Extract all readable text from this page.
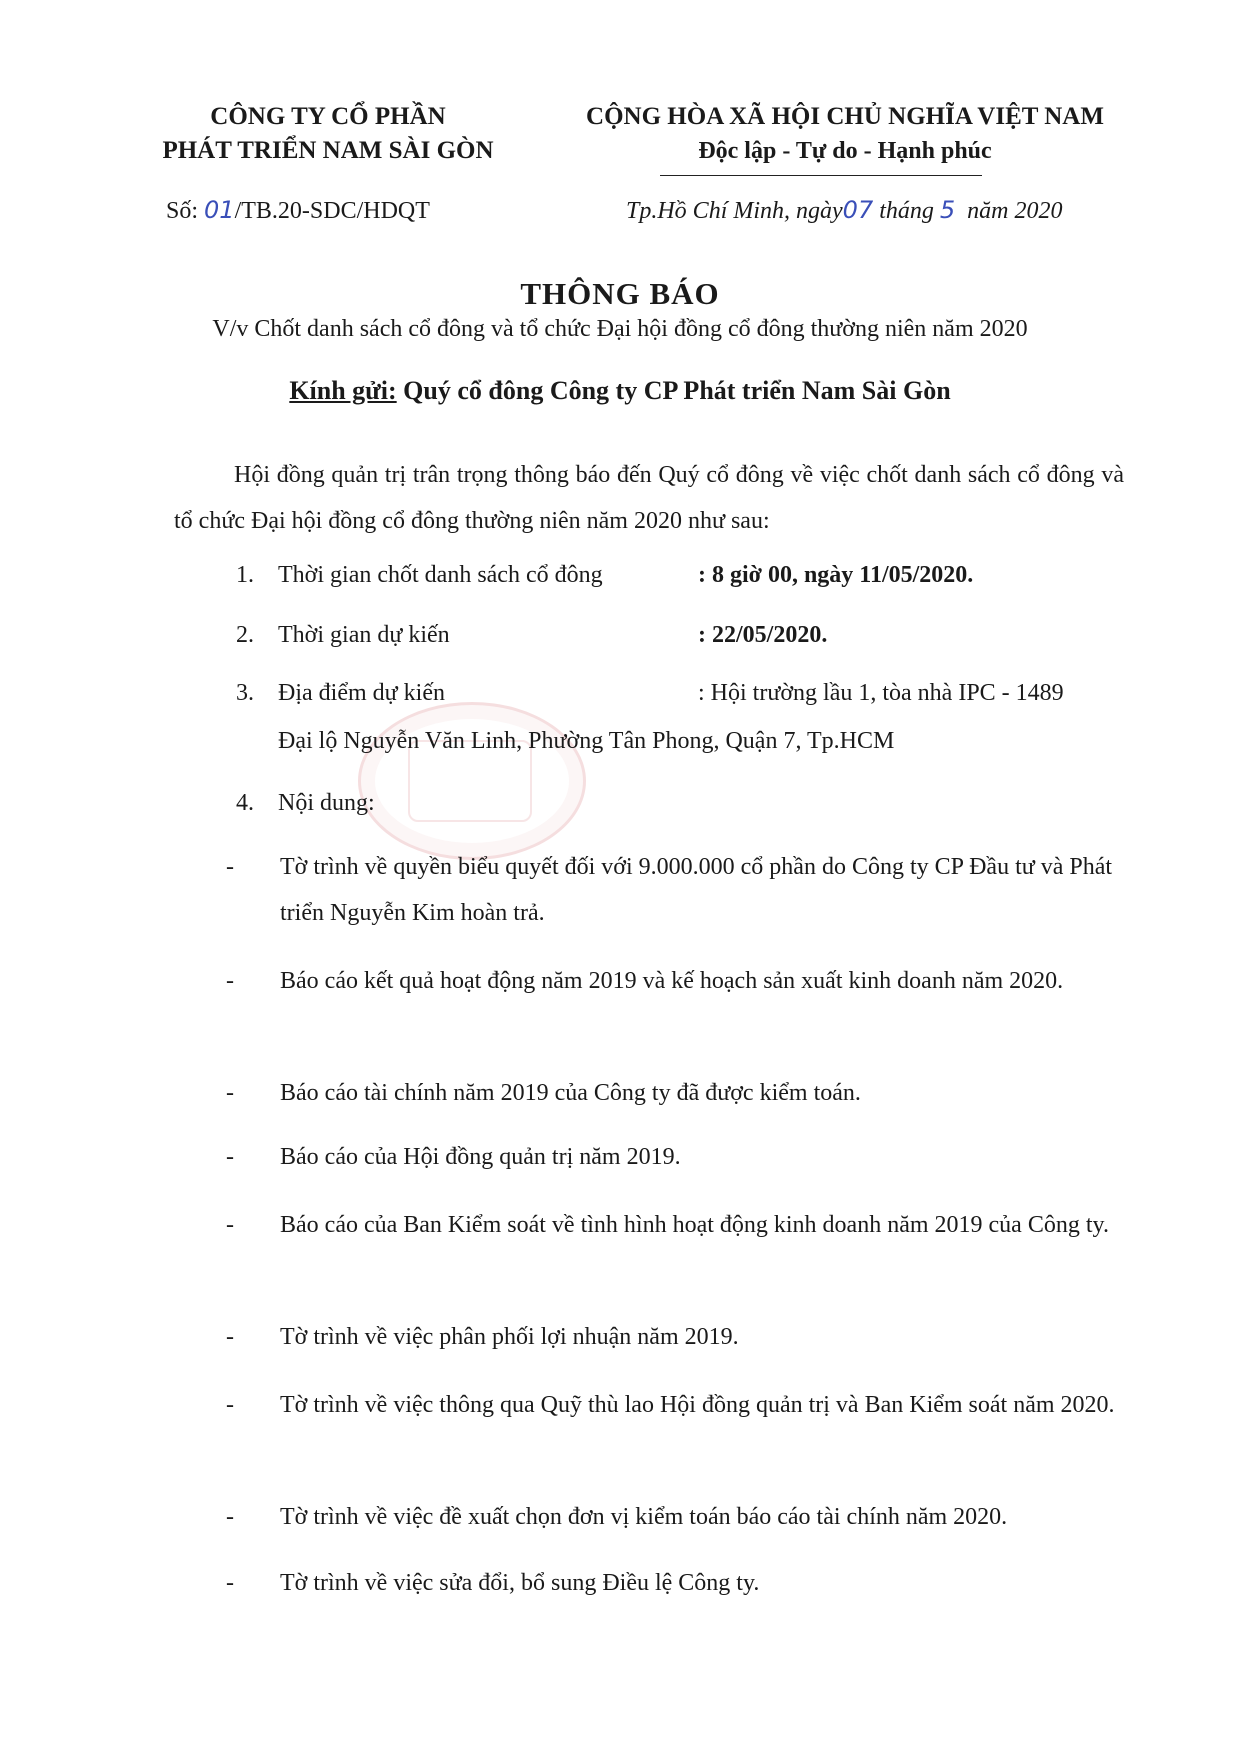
CÔNG TY CỔ PHẦN
PHÁT TRIỂN NAM SÀI GÒN
CỘNG HÒA XÃ HỘI CHỦ NGHĨA VIỆT NAM
Độc lập - Tự do - Hạnh phúc
Số: 01/TB.20-SDC/HDQT	Tp.Hồ Chí Minh, ngày07 tháng 5 năm 2020
THÔNG BÁO
V/v Chốt danh sách cổ đông và tổ chức Đại hội đồng cổ đông thường niên năm 2020
Kính gửi: Quý cổ đông Công ty CP Phát triển Nam Sài Gòn
Hội đồng quản trị trân trọng thông báo đến Quý cổ đông về việc chốt danh sách cổ đông và tổ chức Đại hội đồng cổ đông thường niên năm 2020 như sau:
1. Thời gian chốt danh sách cổ đông	: 8 giờ 00, ngày 11/05/2020.
2. Thời gian dự kiến	: 22/05/2020.
3. Địa điểm dự kiến	: Hội trường lầu 1, tòa nhà IPC - 1489
Đại lộ Nguyễn Văn Linh, Phường Tân Phong, Quận 7, Tp.HCM
4. Nội dung:
- Tờ trình về quyền biểu quyết đối với 9.000.000 cổ phần do Công ty CP Đầu tư và Phát triển Nguyễn Kim hoàn trả.
- Báo cáo kết quả hoạt động năm 2019 và kế hoạch sản xuất kinh doanh năm 2020.
- Báo cáo tài chính năm 2019 của Công ty đã được kiểm toán.
- Báo cáo của Hội đồng quản trị năm 2019.
- Báo cáo của Ban Kiểm soát về tình hình hoạt động kinh doanh năm 2019 của Công ty.
- Tờ trình về việc phân phối lợi nhuận năm 2019.
- Tờ trình về việc thông qua Quỹ thù lao Hội đồng quản trị và Ban Kiểm soát năm 2020.
- Tờ trình về việc đề xuất chọn đơn vị kiểm toán báo cáo tài chính năm 2020.
- Tờ trình về việc sửa đổi, bổ sung Điều lệ Công ty.
